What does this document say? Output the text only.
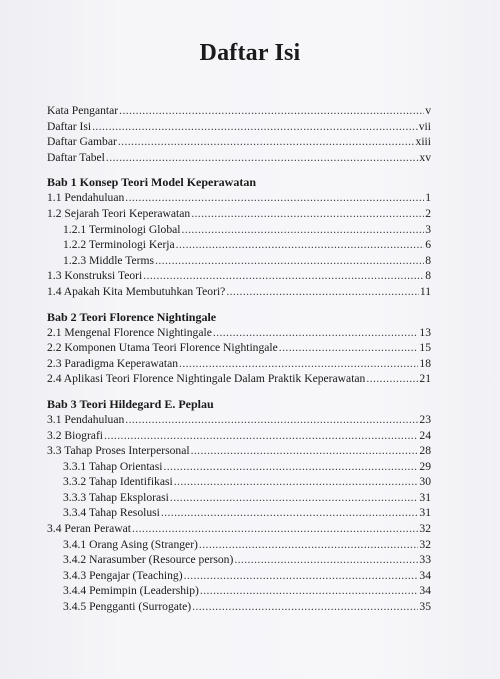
Daftar Isi
Kata Pengantar .....	v
Daftar Isi .....	vii
Daftar Gambar .....	xiii
Daftar Tabel .....	xv
Bab 1 Konsep Teori Model Keperawatan
1.1 Pendahuluan .....	1
1.2 Sejarah Teori Keperawatan .....	2
1.2.1 Terminologi Global .....	3
1.2.2 Terminologi Kerja .....	6
1.2.3 Middle Terms .....	8
1.3 Konstruksi Teori .....	8
1.4 Apakah Kita Membutuhkan Teori? .....	11
Bab 2 Teori Florence Nightingale
2.1 Mengenal Florence Nightingale .....	13
2.2 Komponen Utama Teori Florence Nightingale .....	15
2.3 Paradigma Keperawatan .....	18
2.4 Aplikasi Teori Florence Nightingale Dalam Praktik Keperawatan .....	21
Bab 3 Teori Hildegard E. Peplau
3.1 Pendahuluan .....	23
3.2 Biografi .....	24
3.3 Tahap Proses Interpersonal .....	28
3.3.1 Tahap Orientasi .....	29
3.3.2 Tahap Identifikasi .....	30
3.3.3 Tahap Eksplorasi .....	31
3.3.4 Tahap Resolusi .....	31
3.4 Peran Perawat .....	32
3.4.1 Orang Asing (Stranger) .....	32
3.4.2 Narasumber (Resource person) .....	33
3.4.3 Pengajar (Teaching) .....	34
3.4.4 Pemimpin (Leadership) .....	34
3.4.5 Pengganti (Surrogate) .....	35
